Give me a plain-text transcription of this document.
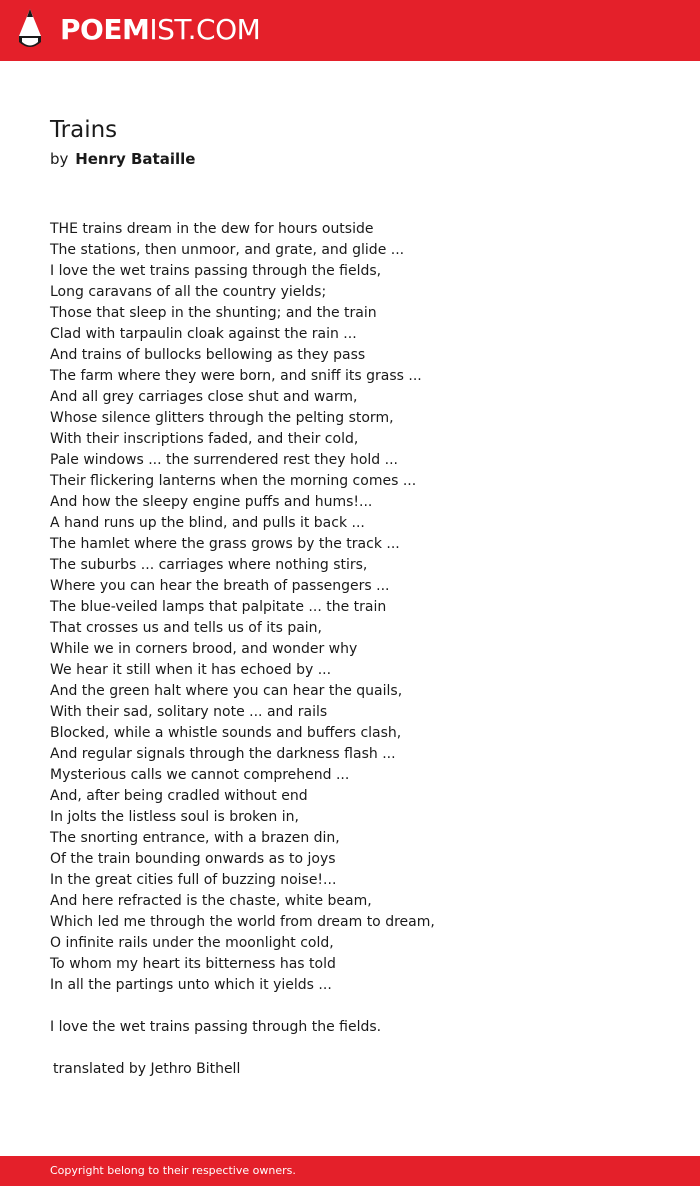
POEMIST.COM
Trains
by Henry Bataille
THE trains dream in the dew for hours outside
The stations, then unmoor, and grate, and glide ...
I love the wet trains passing through the fields,
Long caravans of all the country yields;
Those that sleep in the shunting; and the train
Clad with tarpaulin cloak against the rain ...
And trains of bullocks bellowing as they pass
The farm where they were born, and sniff its grass ...
And all grey carriages close shut and warm,
Whose silence glitters through the pelting storm,
With their inscriptions faded, and their cold,
Pale windows ... the surrendered rest they hold ...
Their flickering lanterns when the morning comes ...
And how the sleepy engine puffs and hums!...
A hand runs up the blind, and pulls it back ...
The hamlet where the grass grows by the track ...
The suburbs ... carriages where nothing stirs,
Where you can hear the breath of passengers ...
The blue-veiled lamps that palpitate ... the train
That crosses us and tells us of its pain,
While we in corners brood, and wonder why
We hear it still when it has echoed by ...
And the green halt where you can hear the quails,
With their sad, solitary note ... and rails
Blocked, while a whistle sounds and buffers clash,
And regular signals through the darkness flash ...
Mysterious calls we cannot comprehend ...
And, after being cradled without end
In jolts the listless soul is broken in,
The snorting entrance, with a brazen din,
Of the train bounding onwards as to joys
In the great cities full of buzzing noise!...
And here refracted is the chaste, white beam,
Which led me through the world from dream to dream,
O infinite rails under the moonlight cold,
To whom my heart its bitterness has told
In all the partings unto which it yields ...
I love the wet trains passing through the fields.
translated by Jethro Bithell
Copyright belong to their respective owners.
